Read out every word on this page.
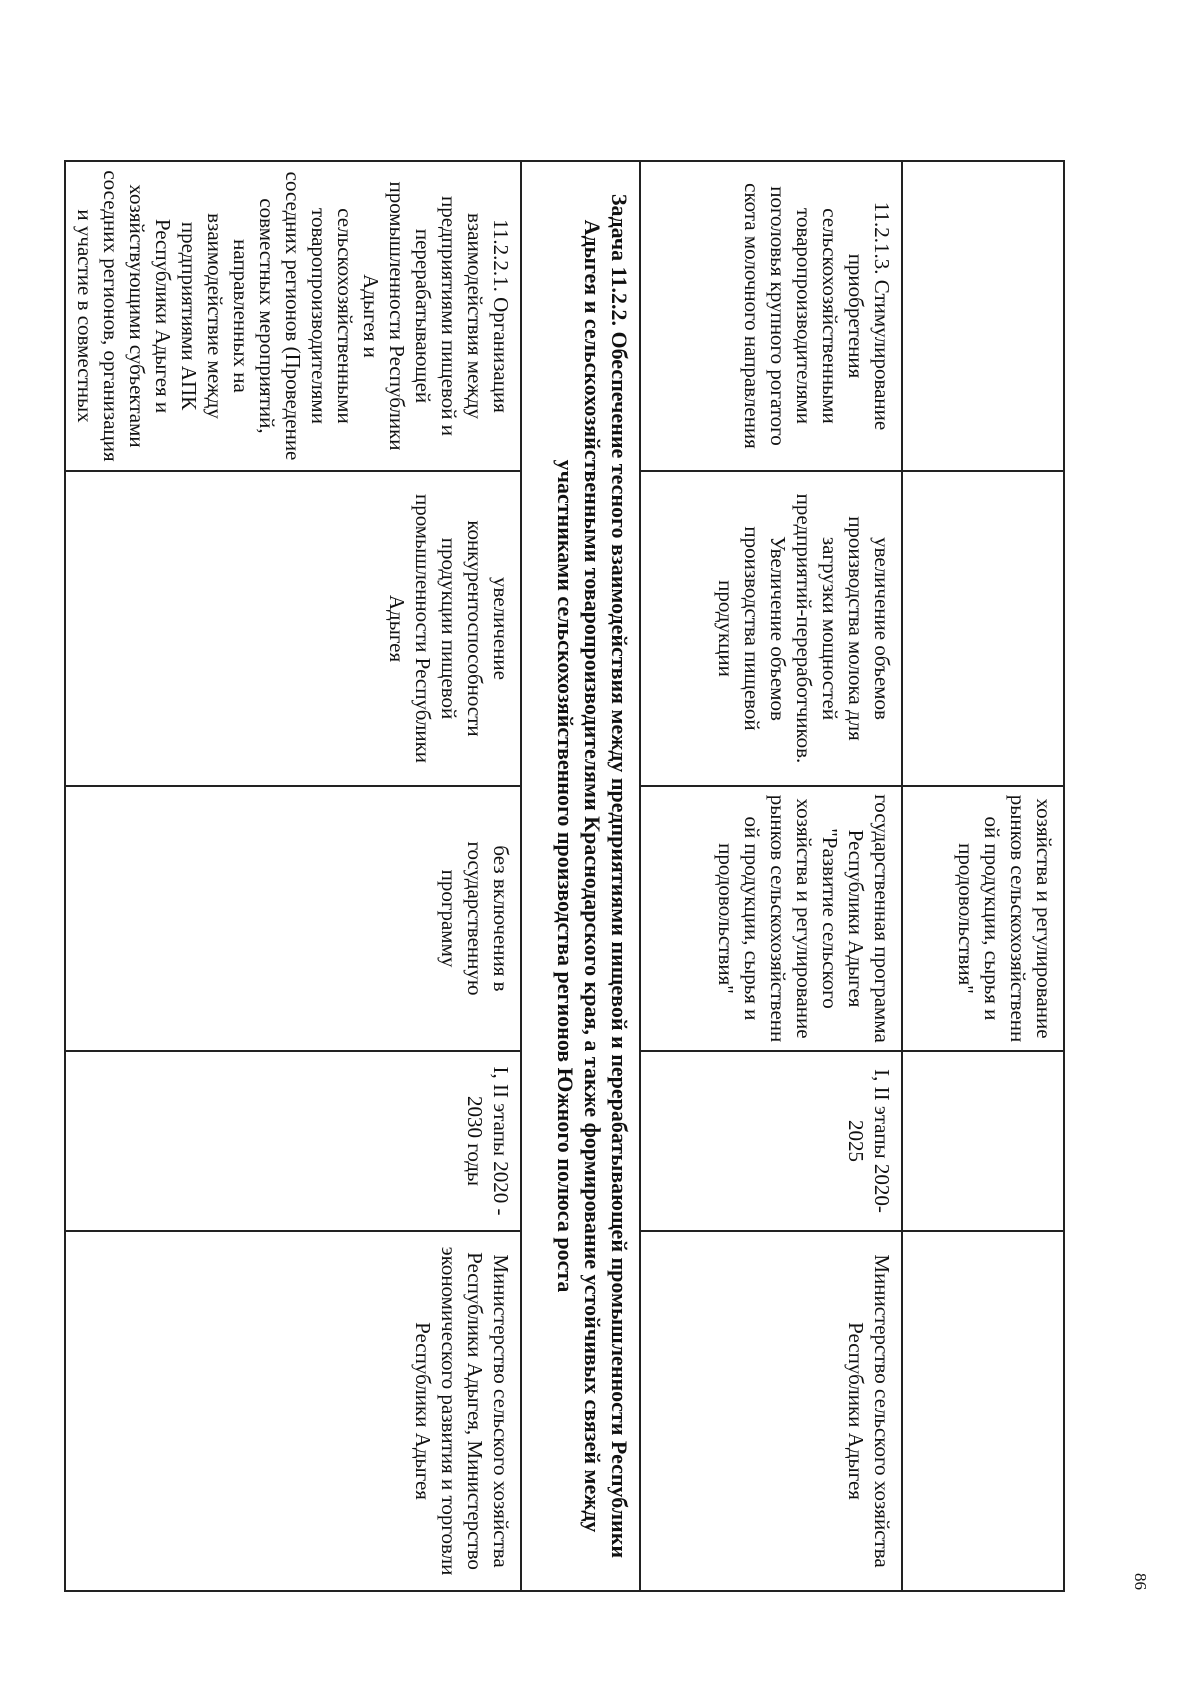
86
		хозяйства и регулирование рынков сельскохозяйственн ой продукции, сырья и продовольствия"		
11.2.1.3. Стимулирование приобретения сельскохозяйственными товаропроизводителями поголовья крупного рогатого скота молочного направления	увеличение объемов производства молока для загрузки мощностей предприятий-переработчиков. Увеличение объемов производства пищевой продукции	государственная программа Республики Адыгея "Развитие сельского хозяйства и регулирование рынков сельскохозяйственн ой продукции, сырья и продовольствия"	I, II этапы 2020-2025	Министерство сельского хозяйства Республики Адыгея
Задача 11.2.2. Обеспечение тесного взаимодействия между предприятиями пищевой и перерабатывающей промышленности Республики Адыгея и сельскохозяйственными товаропроизводителями Краснодарского края, а также формирование устойчивых связей между участниками сельскохозяйственного производства регионов Южного полюса роста				
11.2.2.1. Организация взаимодействия между предприятиями пищевой и перерабатывающей промышленности Республики Адыгея и сельскохозяйственными товаропроизводителями соседних регионов (Проведение совместных мероприятий, направленных на взаимодействие между предприятиями АПК Республики Адыгея и хозяйствующими субъектами соседних регионов, организация и участие в совместных	увеличение конкурентоспособности продукции пищевой промышленности Республики Адыгея	без включения в государственную программу	I, II этапы 2020 - 2030 годы	Министерство сельского хозяйства Республики Адыгея, Министерство экономического развития и торговли Республики Адыгея
